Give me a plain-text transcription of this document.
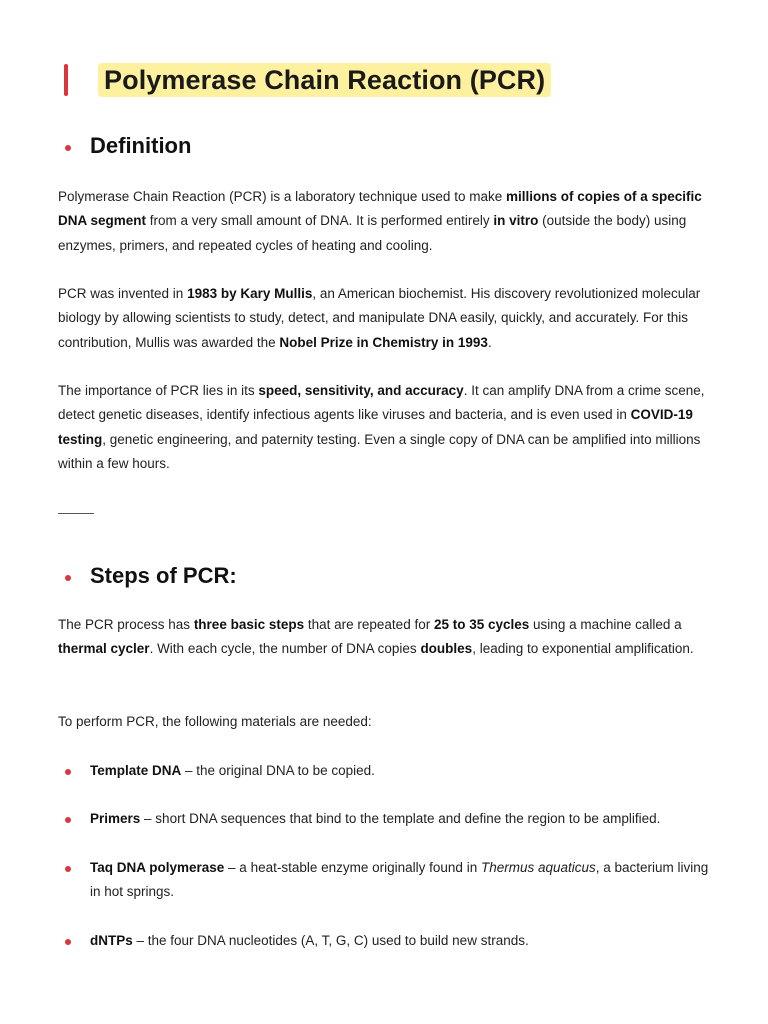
Polymerase Chain Reaction (PCR)
Definition
Polymerase Chain Reaction (PCR) is a laboratory technique used to make millions of copies of a specific DNA segment from a very small amount of DNA. It is performed entirely in vitro (outside the body) using enzymes, primers, and repeated cycles of heating and cooling.
PCR was invented in 1983 by Kary Mullis, an American biochemist. His discovery revolutionized molecular biology by allowing scientists to study, detect, and manipulate DNA easily, quickly, and accurately. For this contribution, Mullis was awarded the Nobel Prize in Chemistry in 1993.
The importance of PCR lies in its speed, sensitivity, and accuracy. It can amplify DNA from a crime scene, detect genetic diseases, identify infectious agents like viruses and bacteria, and is even used in COVID-19 testing, genetic engineering, and paternity testing. Even a single copy of DNA can be amplified into millions within a few hours.
Steps of PCR:
The PCR process has three basic steps that are repeated for 25 to 35 cycles using a machine called a thermal cycler. With each cycle, the number of DNA copies doubles, leading to exponential amplification.
To perform PCR, the following materials are needed:
Template DNA – the original DNA to be copied.
Primers – short DNA sequences that bind to the template and define the region to be amplified.
Taq DNA polymerase – a heat-stable enzyme originally found in Thermus aquaticus, a bacterium living in hot springs.
dNTPs – the four DNA nucleotides (A, T, G, C) used to build new strands.
